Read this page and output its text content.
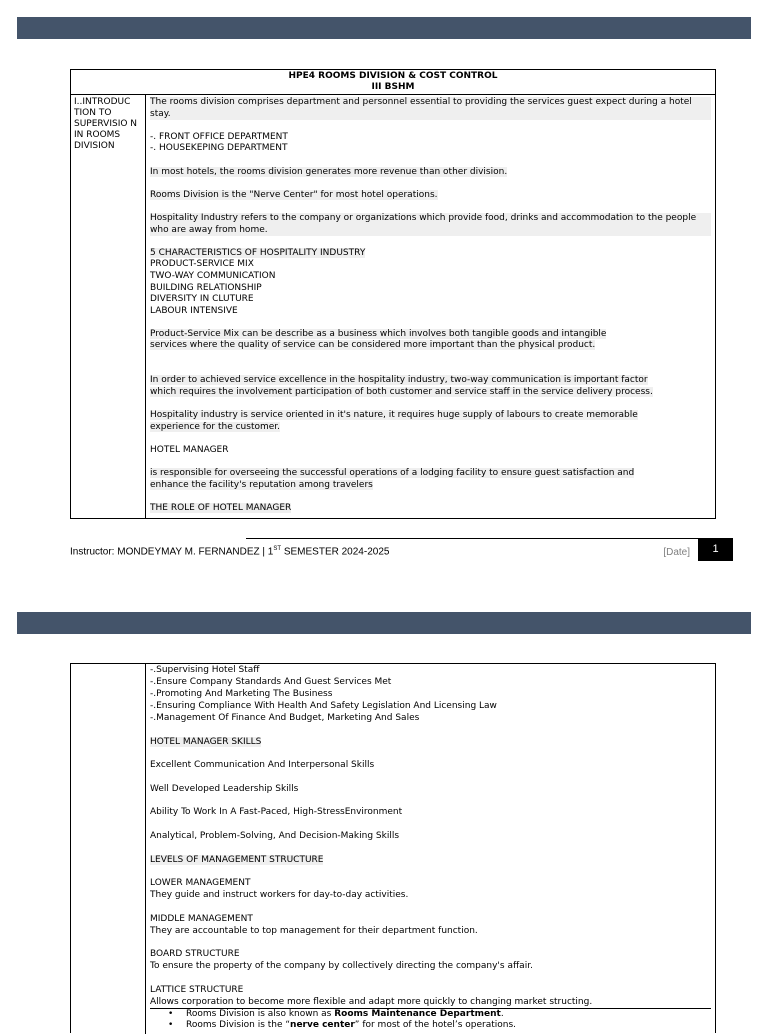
HPE4 ROOMS DIVISION & COST CONTROL
III BSHM
I..INTRODUC TION TO SUPERVISIO N IN ROOMS DIVISION

The rooms division comprises department and personnel essential to providing the services guest expect during a hotel stay.

-. FRONT OFFICE DEPARTMENT

-. HOUSEKEPING DEPARTMENT

In most hotels, the rooms division generates more revenue than other division.

Rooms Division is the "Nerve Center" for most hotel operations.

Hospitality Industry refers to the company or organizations which provide food, drinks and accommodation to the people who are away from home.

5 CHARACTERISTICS OF HOSPITALITY INDUSTRY

PRODUCT-SERVICE MIX

TWO-WAY COMMUNICATION

BUILDING RELATIONSHIP

DIVERSITY IN CLUTURE

LABOUR INTENSIVE

Product-Service Mix can be describe as a business which involves both tangible goods and intangible

services where the quality of service can be considered more important than the physical product.

In order to achieved service excellence in the hospitality industry, two-way communication is important factor

which requires the involvement participation of both customer and service staff in the service delivery process.

Hospitality industry is service oriented in it's nature, it requires huge supply of labours to create memorable

experience for the customer.

HOTEL MANAGER

is responsible for overseeing the successful operations of a lodging facility to ensure guest satisfaction and

enhance the facility's reputation among travelers

THE ROLE OF HOTEL MANAGER

Instructor: MONDEYMAY M. FERNANDEZ | 1ST SEMESTER 2024-2025	[Date]	1

-.Supervising Hotel Staff

-.Ensure Company Standards And Guest Services Met

-.Promoting And Marketing The Business

-.Ensuring Compliance With Health And Safety Legislation And Licensing Law

-.Management Of Finance And Budget, Marketing And Sales

HOTEL MANAGER SKILLS

Excellent Communication And Interpersonal Skills

Well Developed Leadership Skills

Ability To Work In A Fast-Paced, High-StressEnvironment

Analytical, Problem-Solving, And Decision-Making Skills

LEVELS OF MANAGEMENT STRUCTURE

LOWER MANAGEMENT

They guide and instruct workers for day-to-day activities.

MIDDLE MANAGEMENT

They are accountable to top management for their department function.

BOARD STRUCTURE

To ensure the property of the company by collectively directing the company's affair.

LATTICE STRUCTURE

Allows corporation to become more flexible and adapt more quickly to changing market structing.

• Rooms Division is also known as Rooms Maintenance Department.
• Rooms Division is the “nerve center” for most of the hotel’s operations.
